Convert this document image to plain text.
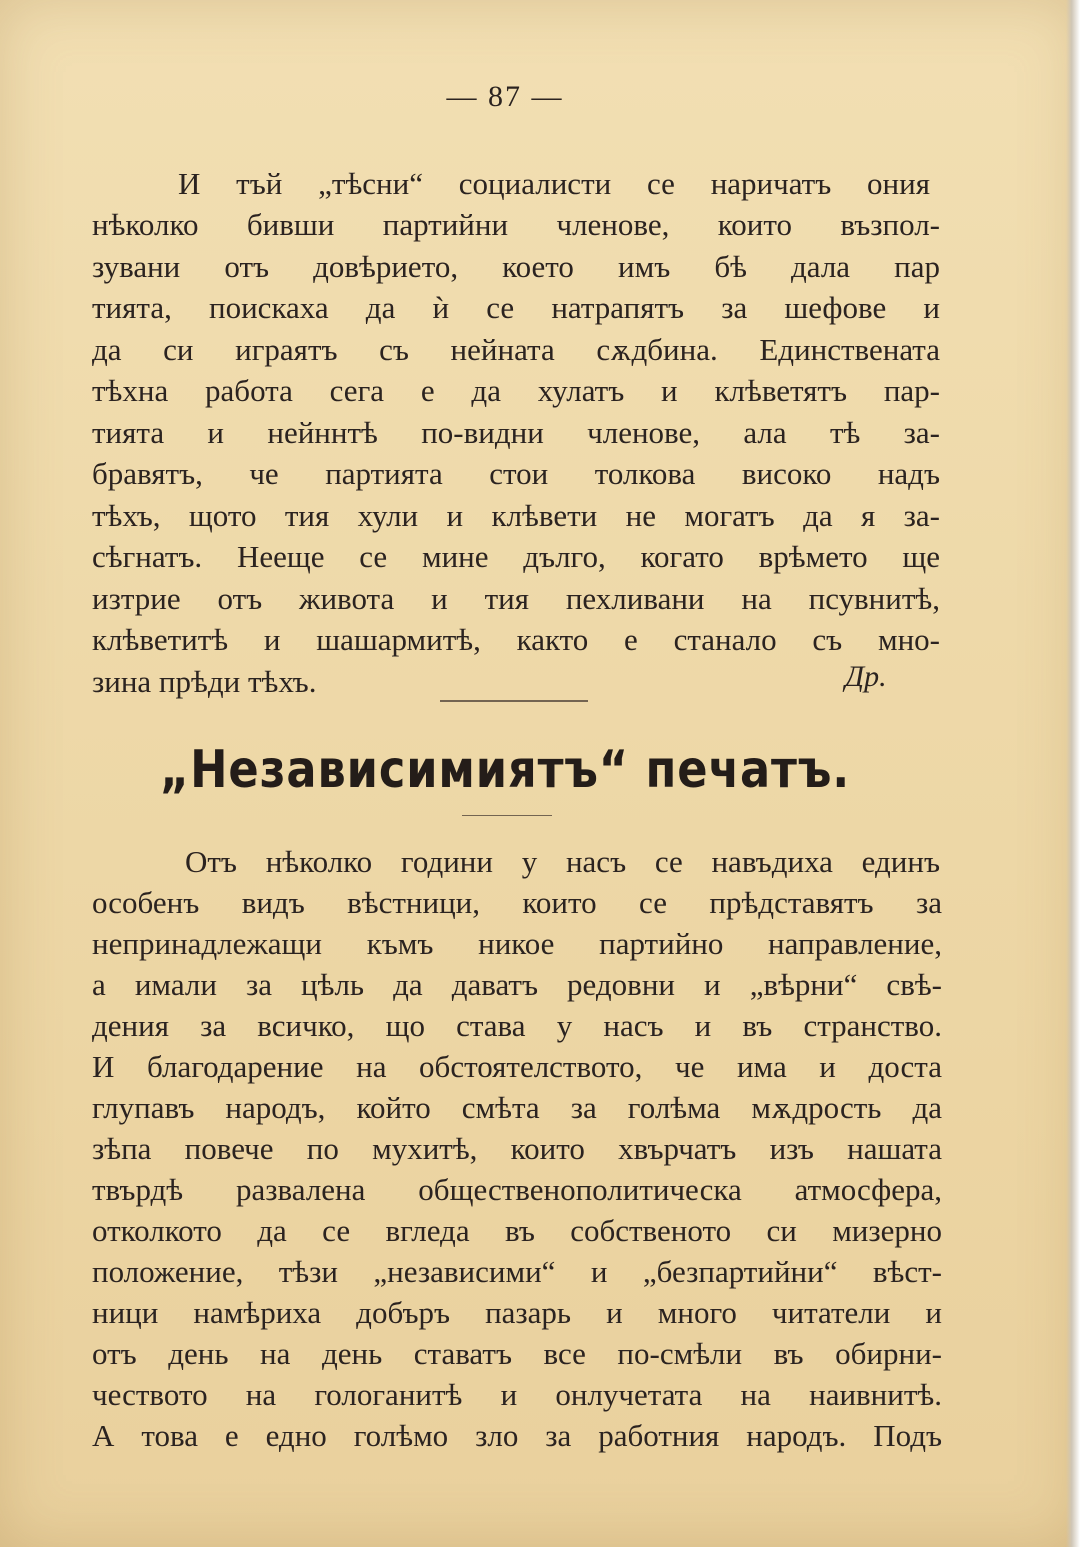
— 87 —
И тъй „тѣсни“ социалисти се наричатъ ония
нѣколко бивши партийни членове, които възпол-
зувани отъ довѣрието, което имъ бѣ дала пар
тията, поискаха да ѝ се натрапятъ за шефове и
да си играятъ съ нейната сѫдбина. Единствената
тѣхна работа сега е да хулатъ и клѣветятъ пар-
тията и нейннтѣ по-видни членове, ала тѣ за-
бравятъ, че партията стои толкова високо надъ
тѣхъ, щото тия хули и клѣвети не могатъ да я за-
сѣгнатъ. Нееще се мине дълго, когато врѣмето ще
изтрие отъ живота и тия пехливани на псувнитѣ,
клѣветитѣ и шашармитѣ, както е станало съ мно-
зина прѣди тѣхъ.	Др.
„Независимиятъ“ печатъ.
Отъ нѣколко години у насъ се навъдиха единъ
особенъ видъ вѣстници, които се прѣдставятъ за
непринадлежащи къмъ никое партийно направление,
а имали за цѣль да даватъ редовни и „вѣрни“ свѣ-
дения за всичко, що става у насъ и въ странство.
И благодарение на обстоятелството, че има и доста
глупавъ народъ, който смѣта за голѣма мѫдрость да
зѣпа повече по мухитѣ, които хвърчатъ изъ нашата
твърдѣ развалена общественополитическа атмосфера,
отколкото да се вгледа въ собственото си мизерно
положение, тѣзи „независими“ и „безпартийни“ вѣст-
ници намѣриха добъръ пазарь и много читатели и
отъ день на день ставатъ все по-смѣли въ обирни-
чеството на гологанитѣ и онлучетата на наивнитѣ.
А това е едно голѣмо зло за работния народъ. Подъ
